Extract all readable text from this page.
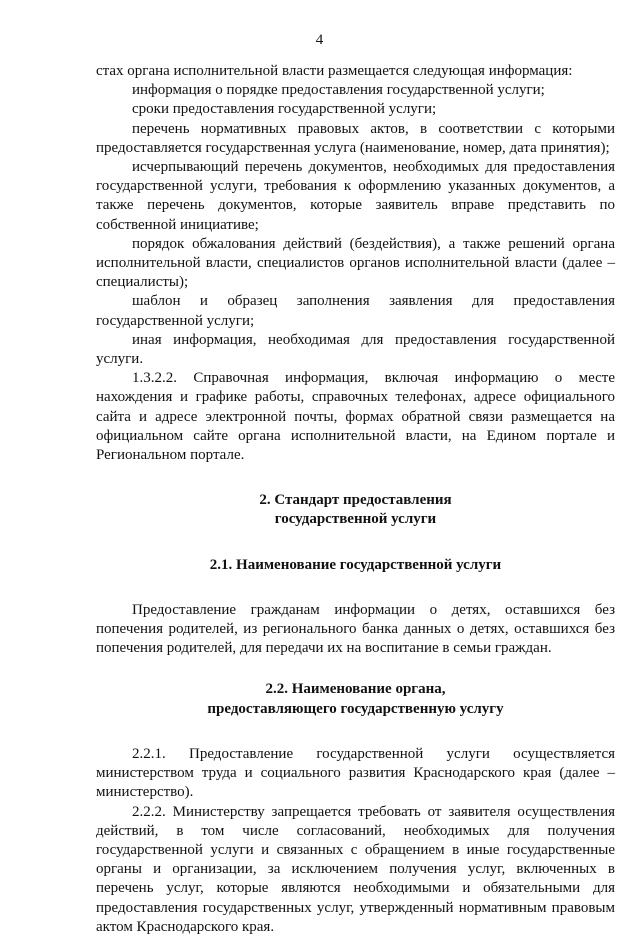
4

стах органа исполнительной власти размещается следующая информация:

информация о порядке предоставления государственной услуги;

сроки предоставления государственной услуги;

перечень нормативных правовых актов, в соответствии с которыми предоставляется государственная услуга (наименование, номер, дата принятия);

исчерпывающий перечень документов, необходимых для предоставления государственной услуги, требования к оформлению указанных документов, а также перечень документов, которые заявитель вправе представить по собственной инициативе;

порядок обжалования действий (бездействия), а также решений органа исполнительной власти, специалистов органов исполнительной власти (далее – специалисты);

шаблон и образец заполнения заявления для предоставления государственной услуги;

иная информация, необходимая для предоставления государственной услуги.

1.3.2.2. Справочная информация, включая информацию о месте нахождения и графике работы, справочных телефонах, адресе официального сайта и адресе электронной почты, формах обратной связи размещается на официальном сайте органа исполнительной власти, на Едином портале и Региональном портале.

2. Стандарт предоставления
государственной услуги
2.1. Наименование государственной услуги

Предоставление гражданам информации о детях, оставшихся без попечения родителей, из регионального банка данных о детях, оставшихся без попечения родителей, для передачи их на воспитание в семьи граждан.

2.2. Наименование органа,
предоставляющего государственную услугу

2.2.1. Предоставление государственной услуги осуществляется министерством труда и социального развития Краснодарского края (далее – министерство).

2.2.2. Министерству запрещается требовать от заявителя осуществления действий, в том числе согласований, необходимых для получения государственной услуги и связанных с обращением в иные государственные органы и организации, за исключением получения услуг, включенных в перечень услуг, которые являются необходимыми и обязательными для предоставления государственных услуг, утвержденный нормативным правовым актом Краснодарского края.
